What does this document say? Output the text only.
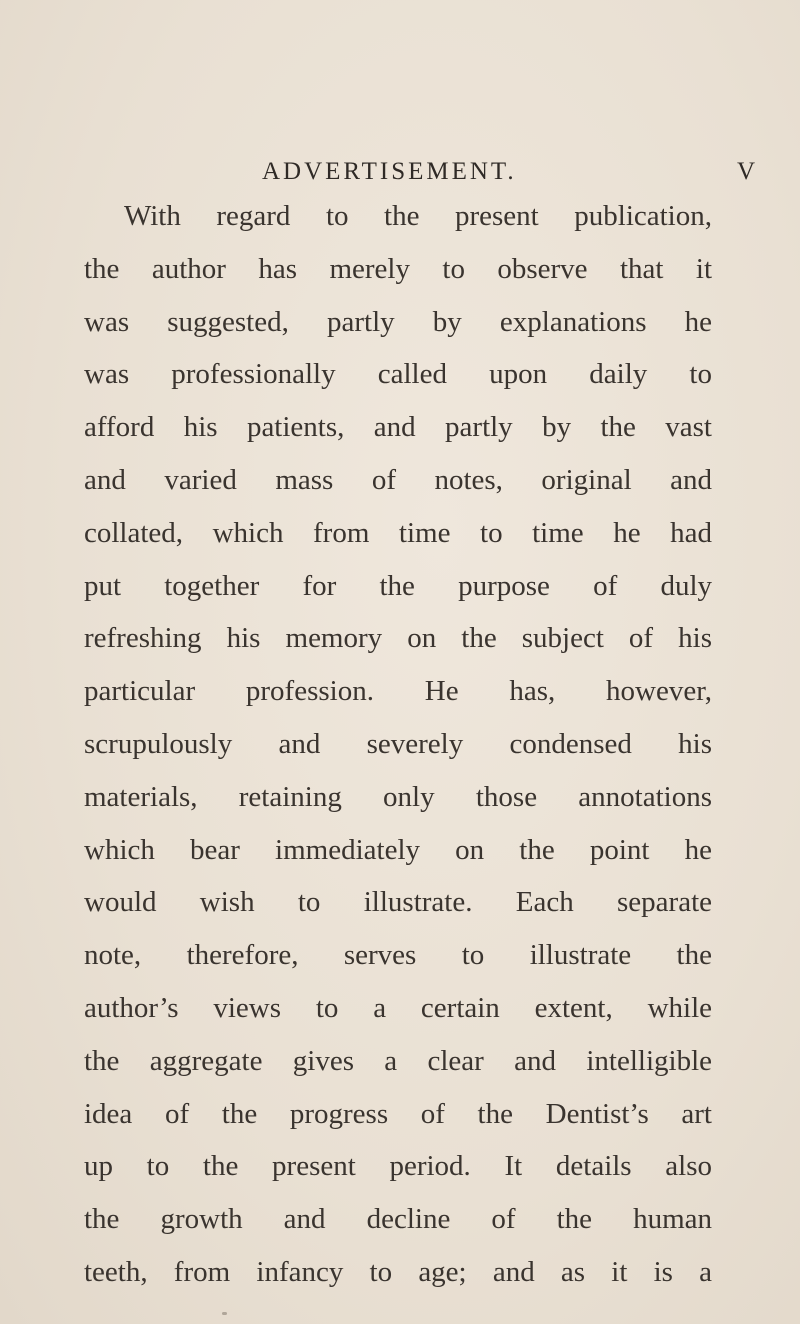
ADVERTISEMENT.	V
With regard to the present publication,
the author has merely to observe that it
was suggested, partly by explanations he
was professionally called upon daily to
afford his patients, and partly by the vast
and varied mass of notes, original and
collated, which from time to time he had
put together for the purpose of duly
refreshing his memory on the subject of his
particular profession. He has, however,
scrupulously and severely condensed his
materials, retaining only those annotations
which bear immediately on the point he
would wish to illustrate. Each separate
note, therefore, serves to illustrate the
author’s views to a certain extent, while
the aggregate gives a clear and intelligible
idea of the progress of the Dentist’s art
up to the present period. It details also
the growth and decline of the human
teeth, from infancy to age; and as it is a
